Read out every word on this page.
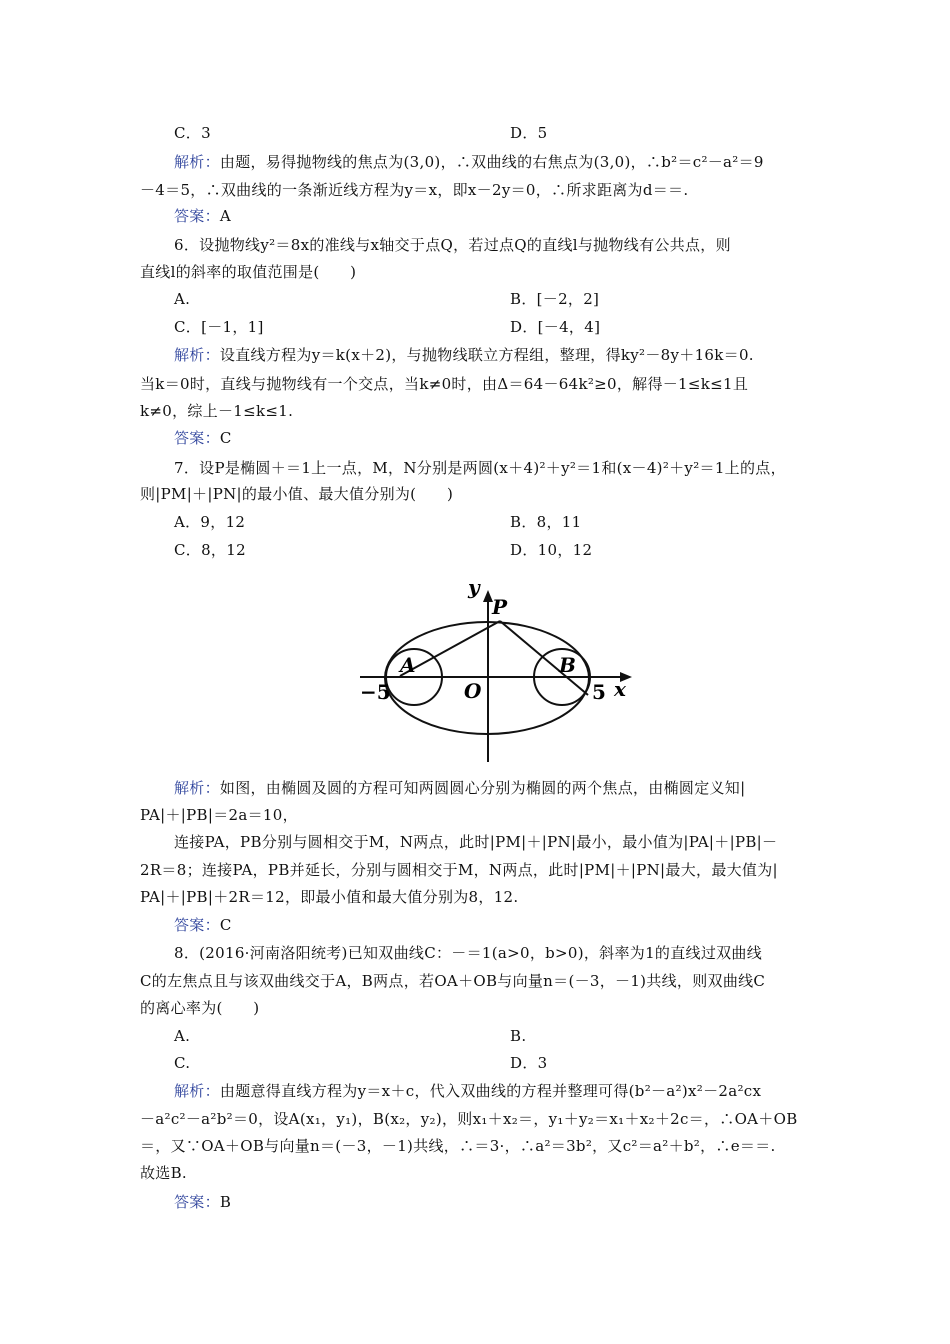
C．3	D．5
解析：由题，易得抛物线的焦点为(3,0)，∴双曲线的右焦点为(3,0)，∴b²＝c²－a²＝9
－4＝5，∴双曲线的一条渐近线方程为y＝x，即x－2y＝0，∴所求距离为d＝＝.
答案：A
6．设抛物线y²＝8x的准线与x轴交于点Q，若过点Q的直线l与抛物线有公共点，则
直线l的斜率的取值范围是(　　)
A.	B．[－2，2]
C．[－1，1]	D．[－4，4]
解析：设直线方程为y＝k(x＋2)，与抛物线联立方程组，整理，得ky²－8y＋16k＝0.
当k＝0时，直线与抛物线有一个交点，当k≠0时，由Δ＝64－64k²≥0，解得－1≤k≤1且
k≠0，综上－1≤k≤1.
答案：C
7．设P是椭圆＋＝1上一点，M，N分别是两圆(x＋4)²＋y²＝1和(x－4)²＋y²＝1上的点，
则|PM|＋|PN|的最小值、最大值分别为(　　)
A．9，12	B．8，11
C．8，12	D．10，12
y
P
A	B
O
−5	5 x
解析：如图，由椭圆及圆的方程可知两圆圆心分别为椭圆的两个焦点，由椭圆定义知|
PA|＋|PB|＝2a＝10，
连接PA，PB分别与圆相交于M，N两点，此时|PM|＋|PN|最小，最小值为|PA|＋|PB|－
2R＝8；连接PA，PB并延长，分别与圆相交于M，N两点，此时|PM|＋|PN|最大，最大值为|
PA|＋|PB|＋2R＝12，即最小值和最大值分别为8，12.
答案：C
8．(2016·河南洛阳统考)已知双曲线C：－＝1(a>0，b>0)，斜率为1的直线过双曲线
C的左焦点且与该双曲线交于A，B两点，若OA＋OB与向量n＝(－3，－1)共线，则双曲线C
的离心率为(　　)
A.	B.
C.	D．3
解析：由题意得直线方程为y＝x＋c，代入双曲线的方程并整理可得(b²－a²)x²－2a²cx
－a²c²－a²b²＝0，设A(x₁，y₁)，B(x₂，y₂)，则x₁＋x₂＝，y₁＋y₂＝x₁＋x₂＋2c＝，∴OA＋OB
＝，又∵OA＋OB与向量n＝(－3，－1)共线，∴＝3·，∴a²＝3b²，又c²＝a²＋b²，∴e＝＝.
故选B.
答案：B
